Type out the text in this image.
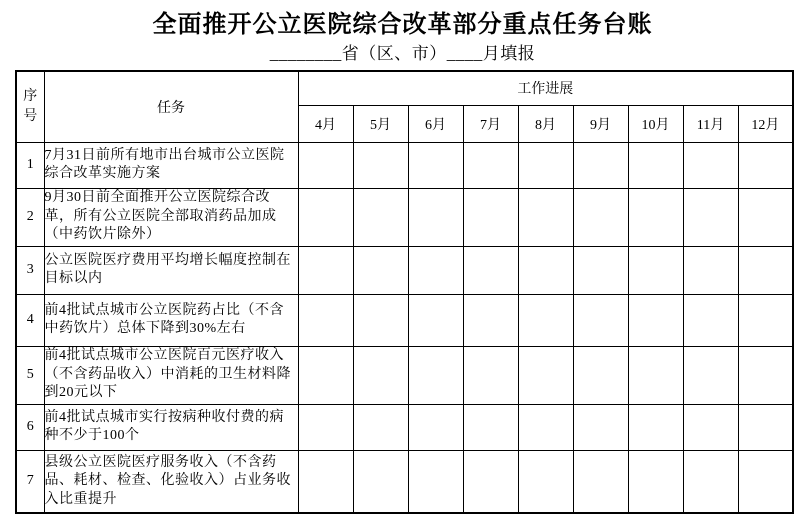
全面推开公立医院综合改革部分重点任务台账
________省（区、市）____月填报
序号	任务	工作进展								
		4月	5月	6月	7月	8月	9月	10月	11月	12月
1	7月31日前所有地市出台城市公立医院综合改革实施方案									
2	9月30日前全面推开公立医院综合改革，所有公立医院全部取消药品加成（中药饮片除外）									
3	公立医院医疗费用平均增长幅度控制在目标以内									
4	前4批试点城市公立医院药占比（不含中药饮片）总体下降到30%左右									
5	前4批试点城市公立医院百元医疗收入（不含药品收入）中消耗的卫生材料降到20元以下									
6	前4批试点城市实行按病种收付费的病种不少于100个									
7	县级公立医院医疗服务收入（不含药品、耗材、检查、化验收入）占业务收入比重提升									
